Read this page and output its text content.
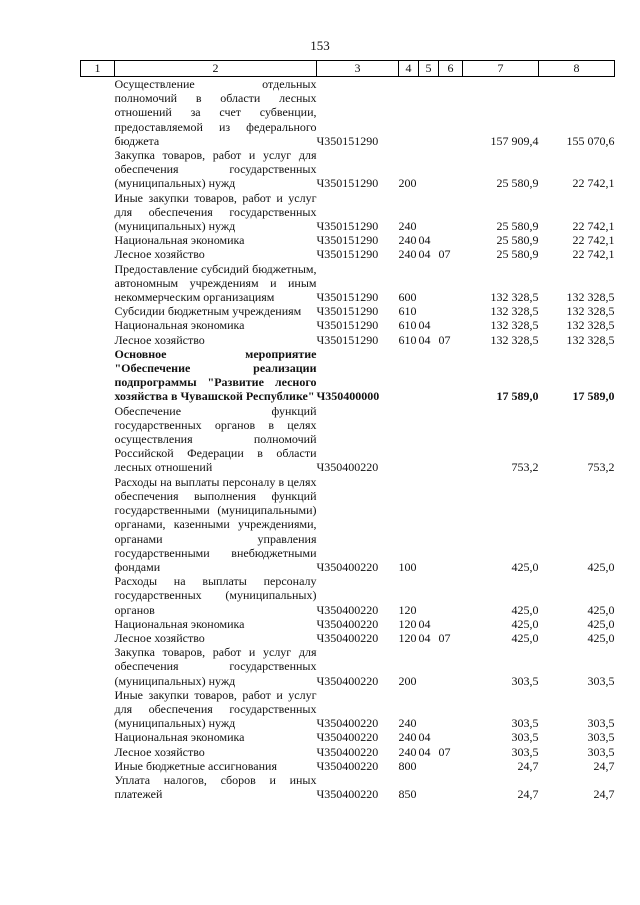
153
1	2	3	4	5	6	7	8
	Осуществление отдельных полномочий в области лесных отношений за счет субвенции, предоставляемой из федерального бюджета	Ч350151290				157 909,4	155 070,6
	Закупка товаров, работ и услуг для обеспечения государственных (муниципальных) нужд	Ч350151290	200			25 580,9	22 742,1
	Иные закупки товаров, работ и услуг для обеспечения государственных (муниципальных) нужд	Ч350151290	240			25 580,9	22 742,1
	Национальная экономика	Ч350151290	240	04		25 580,9	22 742,1
	Лесное хозяйство	Ч350151290	240	04	07	25 580,9	22 742,1
	Предоставление субсидий бюджетным, автономным учреждениям и иным некоммерческим организациям	Ч350151290	600			132 328,5	132 328,5
	Субсидии бюджетным учреждениям	Ч350151290	610			132 328,5	132 328,5
	Национальная экономика	Ч350151290	610	04		132 328,5	132 328,5
	Лесное хозяйство	Ч350151290	610	04	07	132 328,5	132 328,5
	Основное мероприятие "Обеспечение реализации подпрограммы "Развитие лесного хозяйства в Чувашской Республике"	Ч350400000				17 589,0	17 589,0
	Обеспечение функций государственных органов в целях осуществления полномочий Российской Федерации в области лесных отношений	Ч350400220				753,2	753,2
	Расходы на выплаты персоналу в целях обеспечения выполнения функций государственными (муниципальными) органами, казенными учреждениями, органами управления государственными внебюджетными фондами	Ч350400220	100			425,0	425,0
	Расходы на выплаты персоналу государственных (муниципальных) органов	Ч350400220	120			425,0	425,0
	Национальная экономика	Ч350400220	120	04		425,0	425,0
	Лесное хозяйство	Ч350400220	120	04	07	425,0	425,0
	Закупка товаров, работ и услуг для обеспечения государственных (муниципальных) нужд	Ч350400220	200			303,5	303,5
	Иные закупки товаров, работ и услуг для обеспечения государственных (муниципальных) нужд	Ч350400220	240			303,5	303,5
	Национальная экономика	Ч350400220	240	04		303,5	303,5
	Лесное хозяйство	Ч350400220	240	04	07	303,5	303,5
	Иные бюджетные ассигнования	Ч350400220	800			24,7	24,7
	Уплата налогов, сборов и иных платежей	Ч350400220	850			24,7	24,7
